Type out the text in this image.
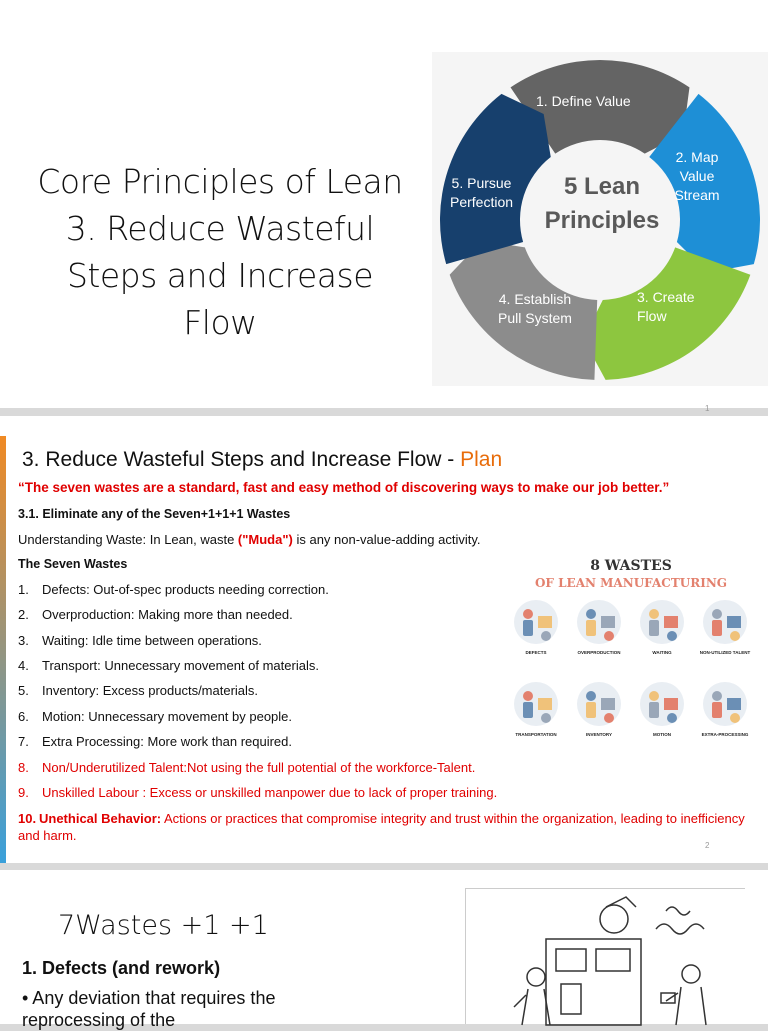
Core Principles of Lean
3. Reduce Wasteful
Steps and Increase
Flow
5 Lean
Principles
1. Define Value
2. Map
Value
Stream
3. Create
Flow
4. Establish
Pull System
5. Pursue
Perfection
1
3. Reduce Wasteful Steps and Increase Flow - Plan
“The seven wastes are a standard, fast and easy method of discovering ways to make our job better.”
3.1. Eliminate any of the Seven+1+1+1 Wastes
Understanding Waste: In Lean, waste ("Muda") is any non-value-adding activity.
The Seven Wastes
1. Defects: Out-of-spec products needing correction.
2. Overproduction: Making more than needed.
3. Waiting: Idle time between operations.
4. Transport: Unnecessary movement of materials.
5. Inventory: Excess products/materials.
6. Motion: Unnecessary movement by people.
7. Extra Processing: More work than required.
8. Non/Underutilized Talent:Not using the full potential of the workforce-Talent.
9. Unskilled Labour : Excess or unskilled manpower due to lack of proper training.
10. Unethical Behavior: Actions or practices that compromise integrity and trust within the organization, leading to inefficiency and harm.
8 WASTES
OF LEAN MANUFACTURING
DEFECTS	OVERPRODUCTION	WAITING	NON-UTILIZED TALENT
TRANSPORTATION	INVENTORY	MOTION	EXTRA-PROCESSING
2
7Wastes +1 +1
1. Defects (and rework)
• Any deviation that requires the reprocessing of the
